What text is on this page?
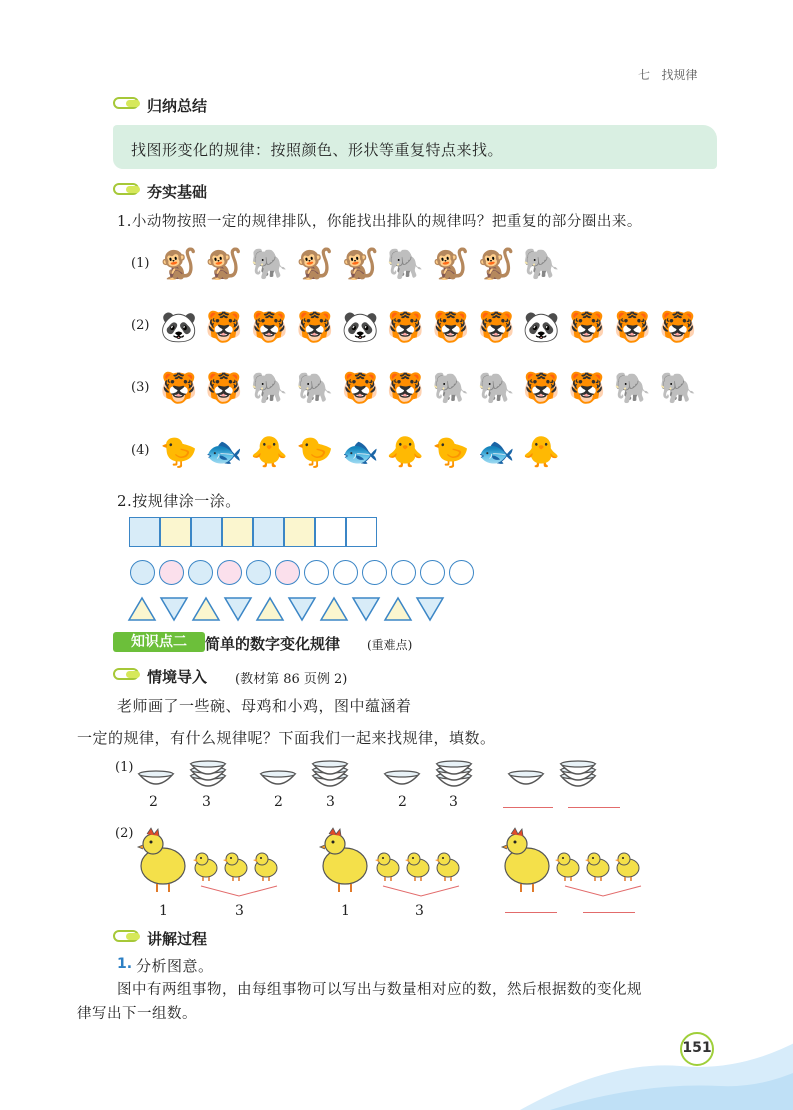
七 找规律
归纳总结
找图形变化的规律：按照颜色、形状等重复特点来找。
夯实基础
1.小动物按照一定的规律排队，你能找出排队的规律吗？把重复的部分圈出来。
(1) 🐒 🐒 🐘 🐒 🐒 🐘 🐒 🐒 🐘
(2) 🐼 🐯 🐯 🐯 🐼 🐯 🐯 🐯 🐼 🐯 🐯 🐯
(3) 🐯 🐯 🐘 🐘 🐯 🐯 🐘 🐘 🐯 🐯 🐘 🐘
(4) 🐤 🐟 🐥 🐤 🐟 🐥 🐤 🐟 🐥
2.按规律涂一涂。
知识点二	简单的数字变化规律 (重难点)
情境导入 (教材第 86 页例 2)
老师画了一些碗、母鸡和小鸡，图中蕴涵着
一定的规律，有什么规律呢？下面我们一起来找规律，填数。
(1)
2	3	2	3	2	3
(2)
1	3	1	3
讲解过程
1. 分析图意。
图中有两组事物，由每组事物可以写出与数量相对应的数，然后根据数的变化规
律写出下一组数。
151
